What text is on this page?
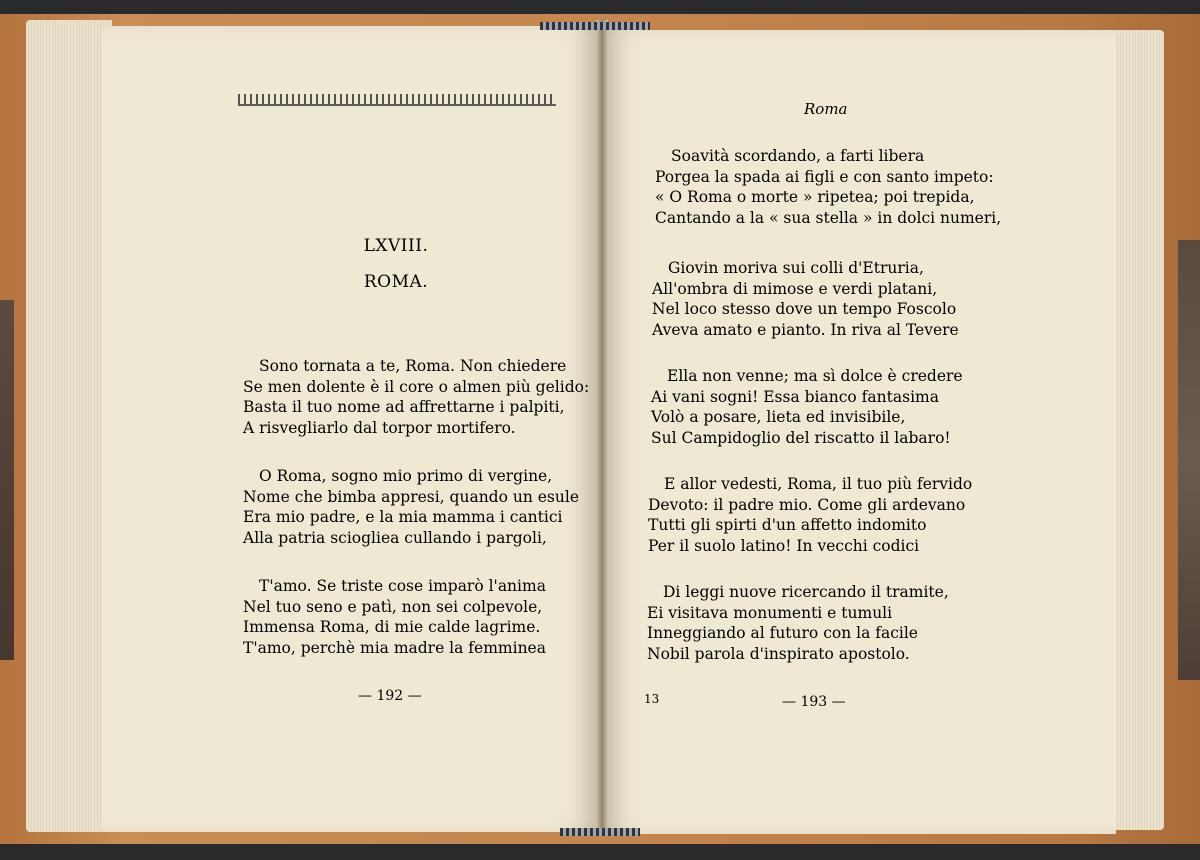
LXVIII.
ROMA.
Sono tornata a te, Roma. Non chiedere
Se men dolente è il core o almen più gelido:
Basta il tuo nome ad affrettarne i palpiti,
A risvegliarlo dal torpor mortifero.
O Roma, sogno mio primo di vergine,
Nome che bimba appresi, quando un esule
Era mio padre, e la mia mamma i cantici
Alla patria sciogliea cullando i pargoli,
T'amo. Se triste cose imparò l'anima
Nel tuo seno e patì, non sei colpevole,
Immensa Roma, di mie calde lagrime.
T'amo, perchè mia madre la femminea
— 192 —
Roma
Soavità scordando, a farti libera
Porgea la spada ai figli e con santo impeto:
« O Roma o morte » ripetea; poi trepida,
Cantando a la « sua stella » in dolci numeri,
Giovin moriva sui colli d'Etruria,
All'ombra di mimose e verdi platani,
Nel loco stesso dove un tempo Foscolo
Aveva amato e pianto. In riva al Tevere
Ella non venne; ma sì dolce è credere
Ai vani sogni! Essa bianco fantasima
Volò a posare, lieta ed invisibile,
Sul Campidoglio del riscatto il labaro!
E allor vedesti, Roma, il tuo più fervido
Devoto: il padre mio. Come gli ardevano
Tutti gli spirti d'un affetto indomito
Per il suolo latino! In vecchi codici
Di leggi nuove ricercando il tramite,
Ei visitava monumenti e tumuli
Inneggiando al futuro con la facile
Nobil parola d'inspirato apostolo.
13	— 193 —
